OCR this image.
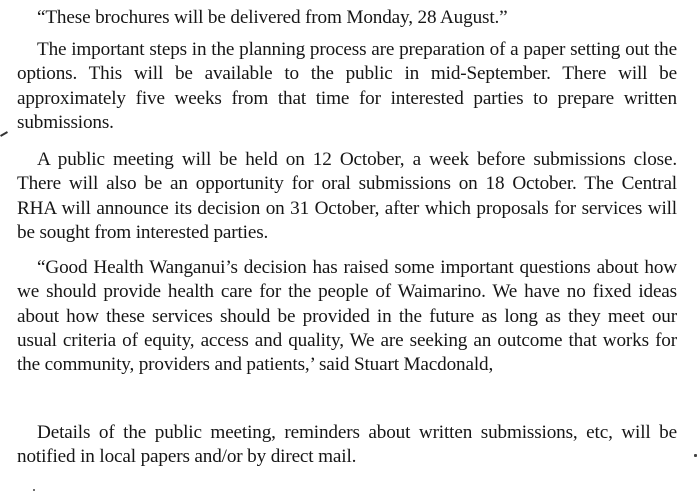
“These brochures will be delivered from Monday, 28 August.”

The important steps in the planning process are preparation of a paper setting out the options. This will be available to the public in mid-September. There will be approximately five weeks from that time for interested parties to prepare written submissions.

A public meeting will be held on 12 October, a week before submissions close. There will also be an opportunity for oral submissions on 18 October. The Central RHA will announce its decision on 31 October, after which proposals for services will be sought from interested parties.

“Good Health Wanganui’s decision has raised some important questions about how we should provide health care for the people of Waimarino. We have no fixed ideas about how these services should be provided in the future as long as they meet our usual criteria of equity, access and quality, We are seeking an outcome that works for the community, providers and patients,’ said Stuart Macdonald,

Details of the public meeting, reminders about written submissions, etc, will be notified in local papers and/or by direct mail.
